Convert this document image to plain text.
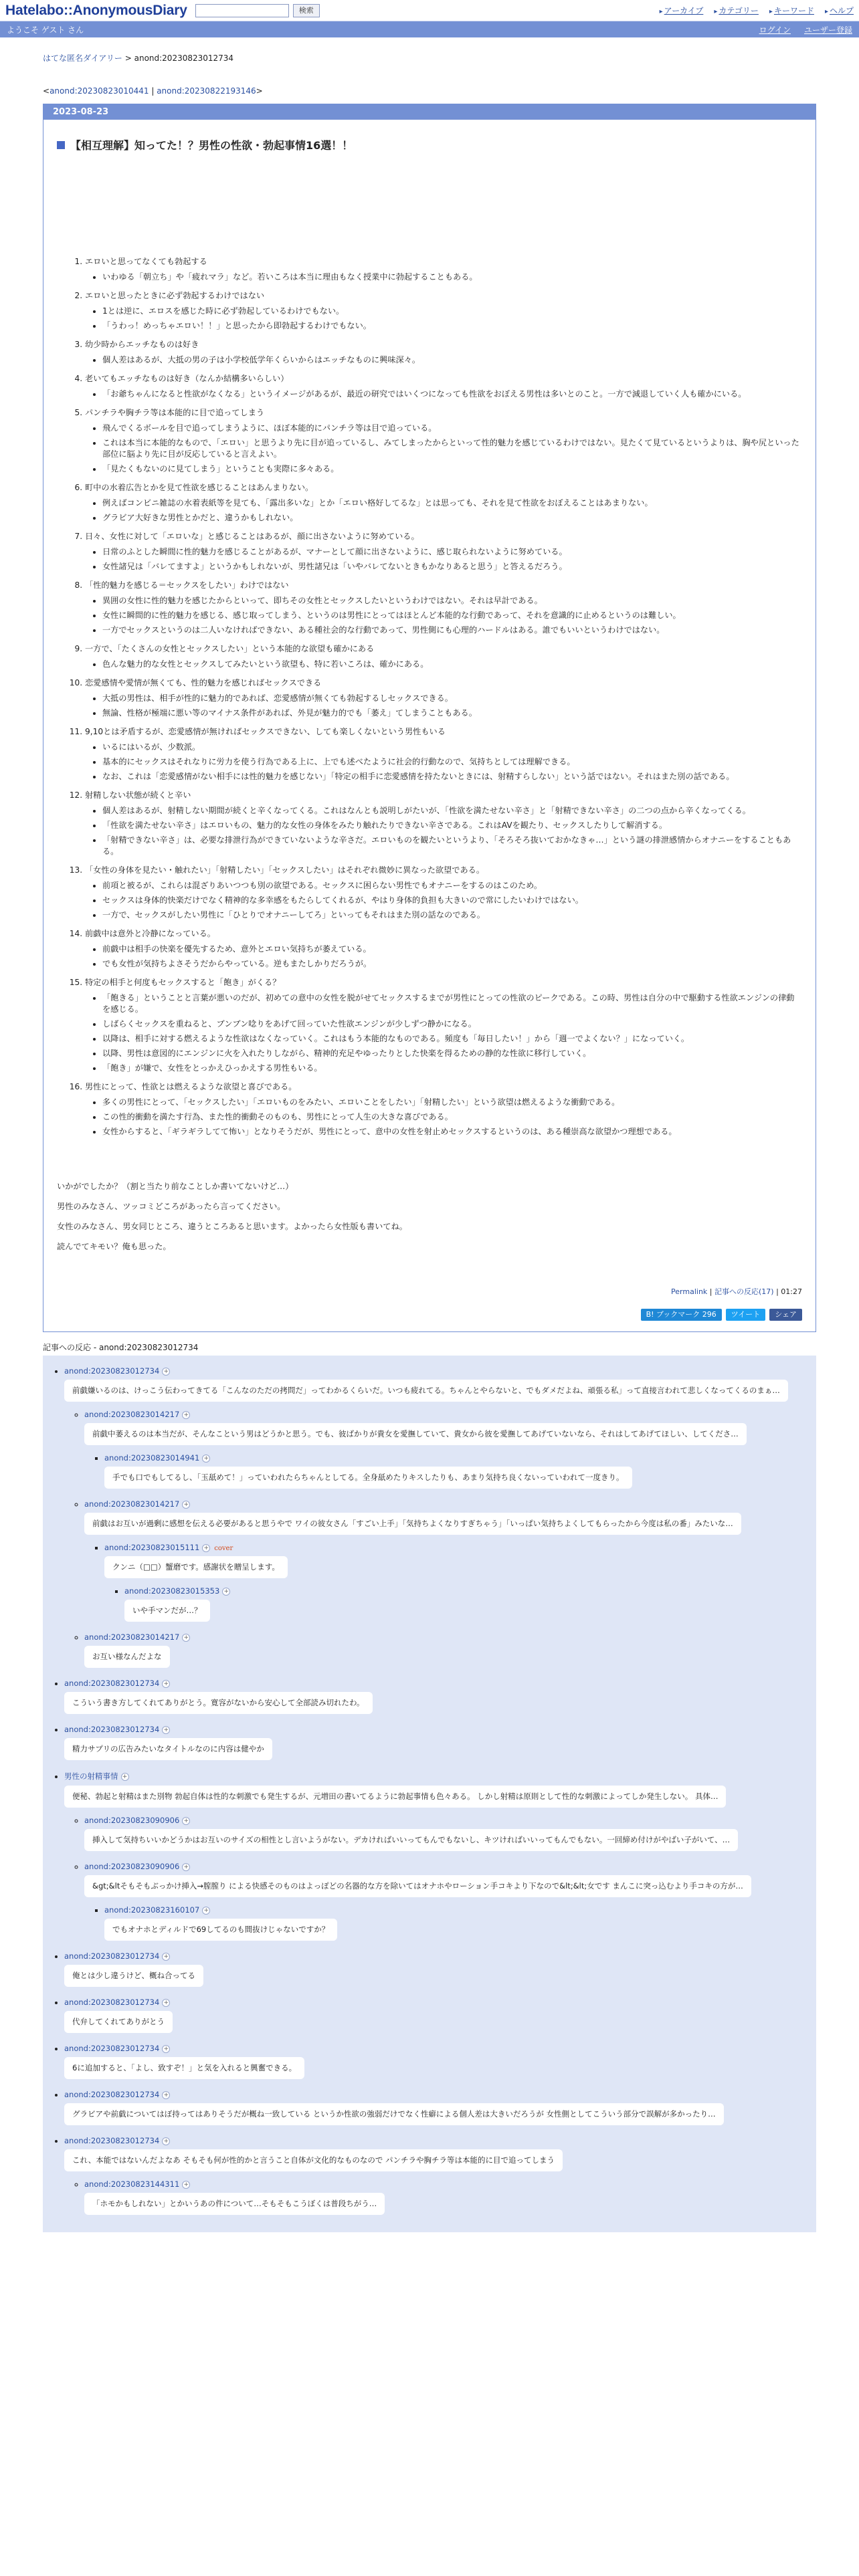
Hatelabo::AnonymousDiary	検索	▸ アーカイブ	▸ カテゴリー	▸ キーワード	▸ ヘルプ
ようこそ ゲスト さん	ログイン ユーザー登録
はてな匿名ダイアリー > anond:20230823012734
<anond:20230823010441 | anond:20230822193146>
2023-08-23
【相互理解】知ってた！？男性の性欲・勃起事情16選！！
1. エロいと思ってなくても勃起する
• いわゆる「朝立ち」や「疲れマラ」など。若いころは本当に理由もなく授業中に勃起することもある。
2. エロいと思ったときに必ず勃起するわけではない
• 1とは逆に、エロスを感じた時に必ず勃起しているわけでもない。
• 「うわっ！めっちゃエロい！！」と思ったから即勃起するわけでもない。
3. 幼少時からエッチなものは好き
• 個人差はあるが、大抵の男の子は小学校低学年くらいからはエッチなものに興味深々。
4. 老いてもエッチなものは好き（なんか結構多いらしい）
• 「お爺ちゃんになると性欲がなくなる」というイメージがあるが、最近の研究ではいくつになっても性欲をおぼえる男性は多いとのこと。一方で減退していく人も確かにいる。
5. パンチラや胸チラ等は本能的に目で追ってしまう
• 飛んでくるボールを目で追ってしまうように、ほぼ本能的にパンチラ等は目で追っている。
• これは本当に本能的なもので、「エロい」と思うより先に目が追っているし、みてしまったからといって性的魅力を感じているわけではない。見たくて見ているというよりは、胸や尻といった部位に脳より先に目が反応していると言えよい。
• 「見たくもないのに見てしまう」ということも実際に多々ある。
6. 町中の水着広告とかを見て性欲を感じることはあんまりない。
• 例えばコンビニ雑誌の水着表紙等を見ても、「露出多いな」とか「エロい格好してるな」とは思っても、それを見て性欲をおぼえることはあまりない。
• グラビア大好きな男性とかだと、違うかもしれない。
7. 日々、女性に対して「エロいな」と感じることはあるが、顔に出さないように努めている。
• 日常のふとした瞬間に性的魅力を感じることがあるが、マナーとして顔に出さないように、感じ取られないように努めている。
• 女性諸兄は「バレてますよ」というかもしれないが、男性諸兄は「いやバレてないときもかなりあると思う」と答えるだろう。
8. 「性的魅力を感じる＝セックスをしたい」わけではない
• 異囲の女性に性的魅力を感じたからといって、即ちその女性とセックスしたいというわけではない。それは早計である。
• 女性に瞬間的に性的魅力を感じる、感じ取ってしまう、というのは男性にとってはほとんど本能的な行動であって、それを意識的に止めるというのは難しい。
• 一方でセックスというのは二人いなければできない、ある種社会的な行動であって、男性側にも心理的ハードルはある。誰でもいいというわけではない。
9. 一方で、「たくさんの女性とセックスしたい」という本能的な欲望も確かにある
• 色んな魅力的な女性とセックスしてみたいという欲望も、特に若いころは、確かにある。
10. 恋愛感情や愛情が無くても、性的魅力を感じればセックスできる
• 大抵の男性は、相手が性的に魅力的であれば、恋愛感情が無くても勃起するしセックスできる。
• 無論、性格が極端に悪い等のマイナス条件があれば、外見が魅力的でも「萎え」てしまうこともある。
11. 9,10とは矛盾するが、恋愛感情が無ければセックスできない、しても楽しくないという男性もいる
• いるにはいるが、少数派。
• 基本的にセックスはそれなりに労力を使う行為である上に、上でも述べたように社会的行動なので、気持ちとしては理解できる。
• なお、これは「恋愛感情がない相手には性的魅力を感じない」「特定の相手に恋愛感情を持たないときには、射精すらしない」という話ではない。それはまた別の話である。
12. 射精しない状態が続くと辛い
• 個人差はあるが、射精しない期間が続くと辛くなってくる。これはなんとも説明しがたいが、「性欲を満たせない辛さ」と「射精できない辛さ」の二つの点から辛くなってくる。
• 「性欲を満たせない辛さ」はエロいもの、魅力的な女性の身体をみたり触れたりできない辛さである。これはAVを観たり、セックスしたりして解消する。
• 「射精できない辛さ」は、必要な排泄行為ができていないような辛さだ。エロいものを観たいというより、「そろそろ抜いておかなきゃ…」という謎の排泄感情からオナニーをすることもある。
13. 「女性の身体を見たい・触れたい」「射精したい」「セックスしたい」はそれぞれ微妙に異なった欲望である。
• 前項と被るが、これらは混ざりあいつつも別の欲望である。セックスに困らない男性でもオナニーをするのはこのため。
• セックスは身体的快楽だけでなく精神的な多幸感をもたらしてくれるが、やはり身体的負担も大きいので常にしたいわけではない。
• 一方で、セックスがしたい男性に「ひとりでオナニーしてろ」といってもそれはまた別の話なのである。
14. 前戯中は意外と冷静になっている。
• 前戯中は相手の快楽を優先するため、意外とエロい気持ちが萎えている。
• でも女性が気持ちよさそうだからやっている。逆もまたしかりだろうが。
15. 特定の相手と何度もセックスすると「飽き」がくる？
• 「飽きる」ということと言葉が悪いのだが、初めての意中の女性を脱がせてセックスするまでが男性にとっての性欲のピークである。この時、男性は自分の中で駆動する性欲エンジンの律動を感じる。
• しばらくセックスを重ねると、ブンブン唸りをあげて回っていた性欲エンジンが少しずつ静かになる。
• 以降は、相手に対する燃えるような性欲はなくなっていく。これはもう本能的なものである。頻度も「毎日したい！」から「週一でよくない？」になっていく。
• 以降、男性は意図的にエンジンに火を入れたりしながら、精神的充足やゆったりとした快楽を得るための静的な性欲に移行していく。
• 「飽き」が嫌で、女性をとっかえひっかえする男性もいる。
16. 男性にとって、性欲とは燃えるような欲望と喜びである。
• 多くの男性にとって、「セックスしたい」「エロいものをみたい、エロいことをしたい」「射精したい」という欲望は燃えるような衝動である。
• この性的衝動を満たす行為、また性的衝動そのものも、男性にとって人生の大きな喜びである。
• 女性からすると、「ギラギラしてて怖い」となりそうだが、男性にとって、意中の女性を射止めセックスするというのは、ある種崇高な欲望かつ理想である。

いかがでしたか？（割と当たり前なことしか書いてないけど…）

男性のみなさん、ツッコミどころがあったら言ってください。

女性のみなさん、男女同じところ、違うところあると思います。よかったら女性版も書いてね。

読んでてキモい？俺も思った。

Permalink | 記事への反応(17) | 01:27
B! ブックマーク 296	ツイート	シェア
記事への反応 - anond:20230823012734
• anond:20230823012734 +
前戯嫌いるのは、けっこう伝わってきてる「こんなのただの拷問だ」ってわかるくらいだ。いつも疲れてる。ちゃんとやらないと、でもダメだよね、頑張る私」って直接言われて悲しくなってくるのまぁ…
◦ anond:20230823014217 +
前戯中萎えるのは本当だが、そんなこという男はどうかと思う。でも、彼ばかりが貴女を愛撫していて、貴女から彼を愛撫してあげていないなら、それはしてあげてほしい、してくださ…
▪ anond:20230823014941 +
手でも口でもしてるし、「玉舐めて！」っていわれたらちゃんとしてる。全身舐めたりキスしたりも、あまり気持ち良くないっていわれて一度きり。
◦ anond:20230823014217 +
前戯はお互いが過剰に感想を伝える必要があると思うやで ワイの彼女さん「すごい上手」「気持ちよくなりすぎちゃう」「いっぱい気持ちよくしてもらったから今度は私の番」みたいな…
▪ anond:20230823015111 + cover
クンニ（□□）蟹磨です。感謝状を贈呈します。
▪ anond:20230823015353 +
いや手マンだが…？
◦ anond:20230823014217 +
お互い様なんだよな
• anond:20230823012734 +
こういう書き方してくれてありがとう。寛容がないから安心して全部読み切れたわ。
• anond:20230823012734 +
精力サプリの広告みたいなタイトルなのに内容は健やか
• 男性の射精事情 +
便秘、勃起と射精はまた別物 勃起自体は性的な刺激でも発生するが、元増田の書いてるように勃起事情も色々ある。 しかし射精は原則として性的な刺激によってしか発生しない。 具体…
◦ anond:20230823090906 +
挿入して気持ちいいかどうかはお互いのサイズの相性とし言いようがない。デカければいいってもんでもないし、キツければいいってもんでもない。一回締め付けがやばい子がいて、…
◦ anond:20230823090906 +
&gt;&ltそもそもぶっかけ挿入→膣膣り による快感そのものはよっぽどの名器的な方を除いてはオナホやローション手コキより下なので&lt;&lt;女です まんこに突っ込むより手コキの方が…
▪ anond:20230823160107 +
でもオナホとディルドで69してるのも間抜けじゃないですか？
• anond:20230823012734 +
俺とは少し違うけど、概ね合ってる
• anond:20230823012734 +
代弁してくれてありがとう
• anond:20230823012734 +
6に追加すると、「よし、致すぞ！」と気を入れると興奮できる。
• anond:20230823012734 +
グラビアや前戯についてはぼ持ってはありそうだが概ね一致している というか性欲の強弱だけでなく性癖による個人差は大きいだろうが 女性側としてこういう部分で誤解が多かったり…
• anond:20230823012734 +
これ、本能ではないんだよなあ そもそも何が性的かと言うこと自体が文化的なものなので パンチラや胸チラ等は本能的に目で追ってしまう
◦ anond:20230823144311 +
「ホモかもしれない」とかいうあの件について…そもそもこうぼくは普段ちがう…
